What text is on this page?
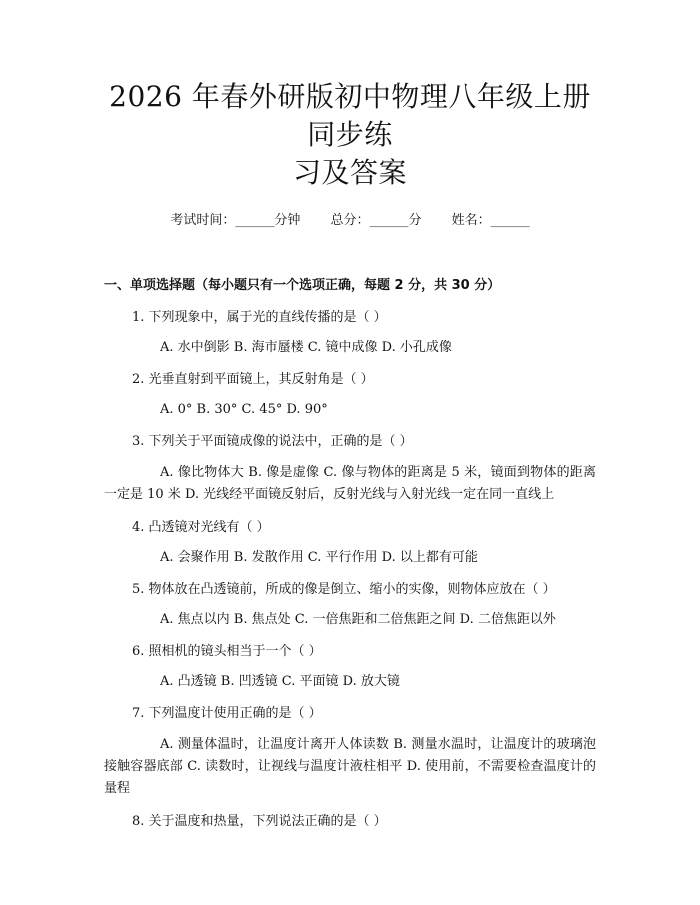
2026 年春外研版初中物理八年级上册同步练
习及答案
考试时间：______分钟 总分：______分 姓名：______
一、单项选择题（每小题只有一个选项正确，每题 2 分，共 30 分）
1. 下列现象中，属于光的直线传播的是（ ）
A. 水中倒影 B. 海市蜃楼 C. 镜中成像 D. 小孔成像
2. 光垂直射到平面镜上，其反射角是（ ）
A. 0° B. 30° C. 45° D. 90°
3. 下列关于平面镜成像的说法中，正确的是（ ）
A. 像比物体大 B. 像是虚像 C. 像与物体的距离是 5 米，镜面到物体的距离一定是 10 米 D. 光线经平面镜反射后，反射光线与入射光线一定在同一直线上
4. 凸透镜对光线有（ ）
A. 会聚作用 B. 发散作用 C. 平行作用 D. 以上都有可能
5. 物体放在凸透镜前，所成的像是倒立、缩小的实像，则物体应放在（ ）
A. 焦点以内 B. 焦点处 C. 一倍焦距和二倍焦距之间 D. 二倍焦距以外
6. 照相机的镜头相当于一个（ ）
A. 凸透镜 B. 凹透镜 C. 平面镜 D. 放大镜
7. 下列温度计使用正确的是（ ）
A. 测量体温时，让温度计离开人体读数 B. 测量水温时，让温度计的玻璃泡接触容器底部 C. 读数时，让视线与温度计液柱相平 D. 使用前，不需要检查温度计的量程
8. 关于温度和热量，下列说法正确的是（ ）
